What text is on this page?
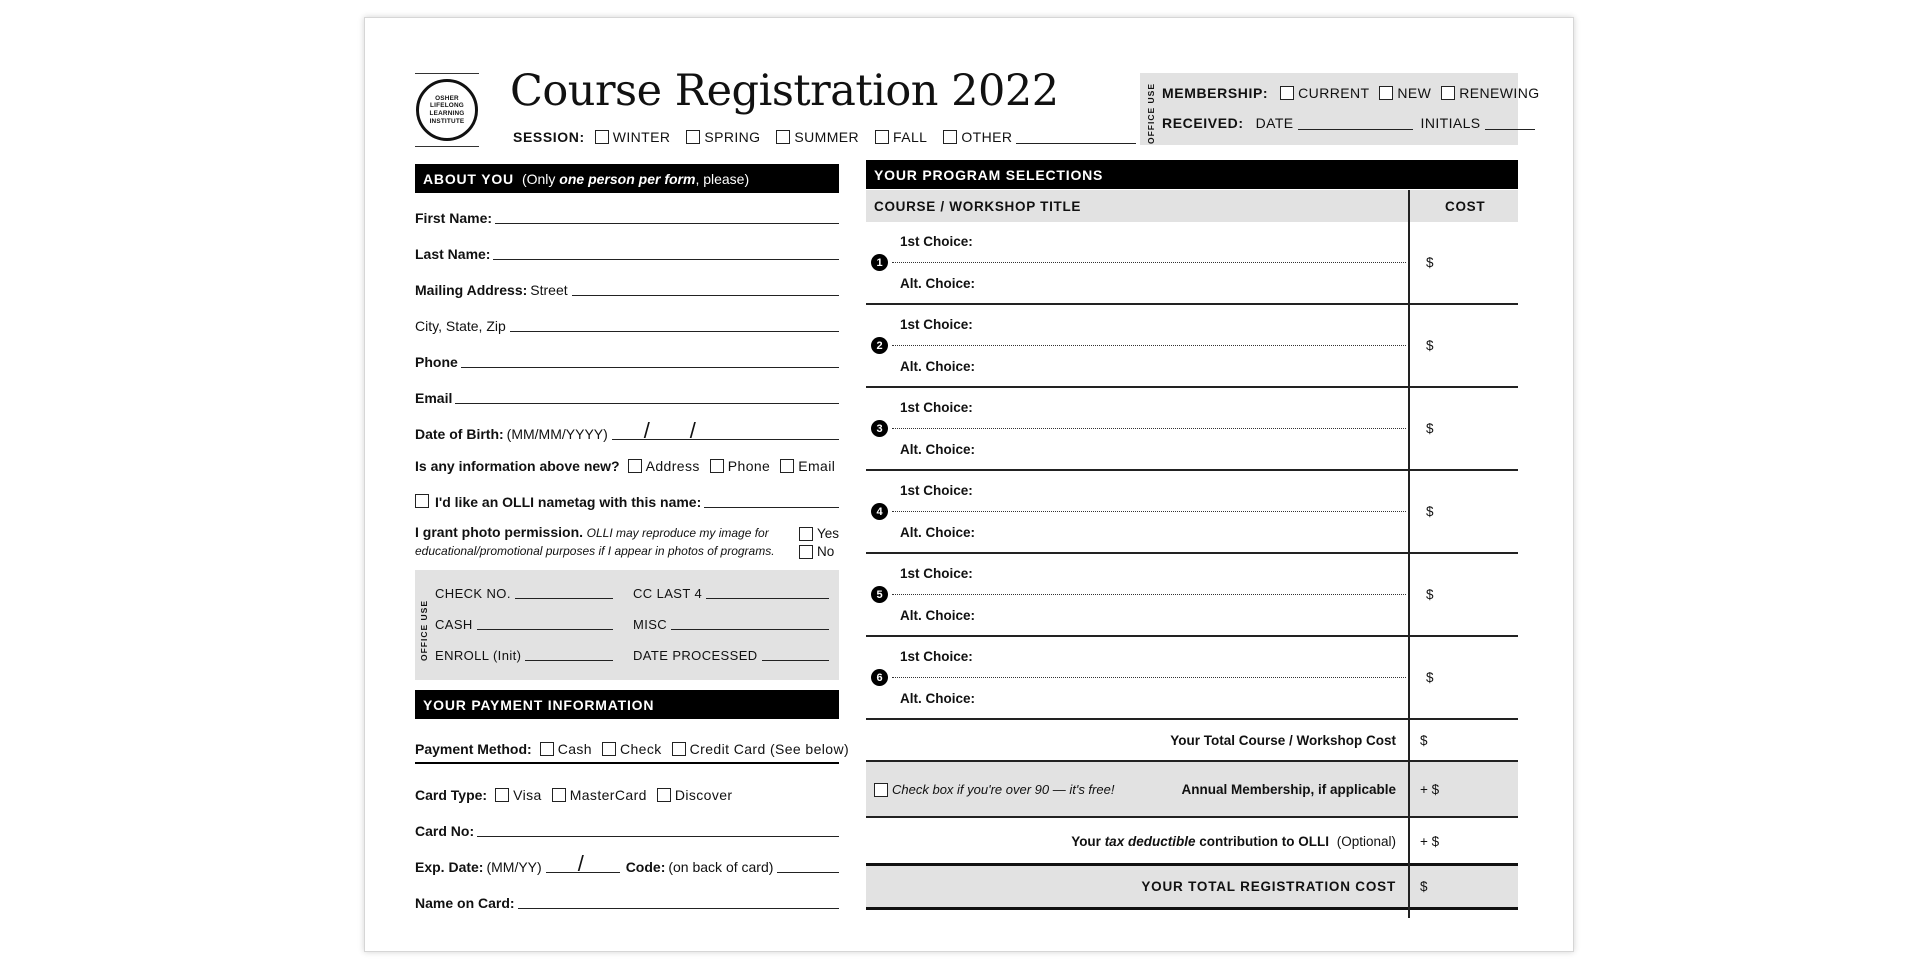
OSHER
LIFELONG
LEARNING
INSTITUTE
Course Registration 2022
SESSION: WINTER SPRING SUMMER FALL OTHER	OFFICE USE MEMBERSHIP: CURRENT NEW RENEWING
RECEIVED: DATE	INITIALS
ABOUT YOU (Only one person per form , please)
First Name:
Last Name:
Mailing Address: Street
City, State, Zip
Phone
Email
Date of Birth: (MM/MM/YYYY) / /
Is any information above new? Address Phone Email
I'd like an OLLI nametag with this name:
I grant photo permission. OLLI may reproduce my image for
educational/promotional purposes if I appear in photos of programs.
Yes
No
OFFICE USE
CHECK NO.	CC LAST 4
CASH	MISC
ENROLL (Init)	DATE PROCESSED
YOUR PAYMENT INFORMATION
Payment Method: Cash Check Credit Card (See below)
Card Type: Visa MasterCard Discover
Card No:
Exp. Date: (MM/YY) /	Code: (on back of card)
Name on Card:
YOUR PROGRAM SELECTIONS
COURSE / WORKSHOP TITLE	COST
1
1st Choice:
Alt. Choice:
$
2
1st Choice:
Alt. Choice:
$
3
1st Choice:
Alt. Choice:
$
4
1st Choice:
Alt. Choice:
$
5
1st Choice:
Alt. Choice:
$
6
1st Choice:
Alt. Choice:
$
Your Total Course / Workshop Cost $
Check box if you're over 90 — it's free!	Annual Membership, if applicable + $
Your tax deductible contribution to OLLI (Optional) + $
YOUR TOTAL REGISTRATION COST $
